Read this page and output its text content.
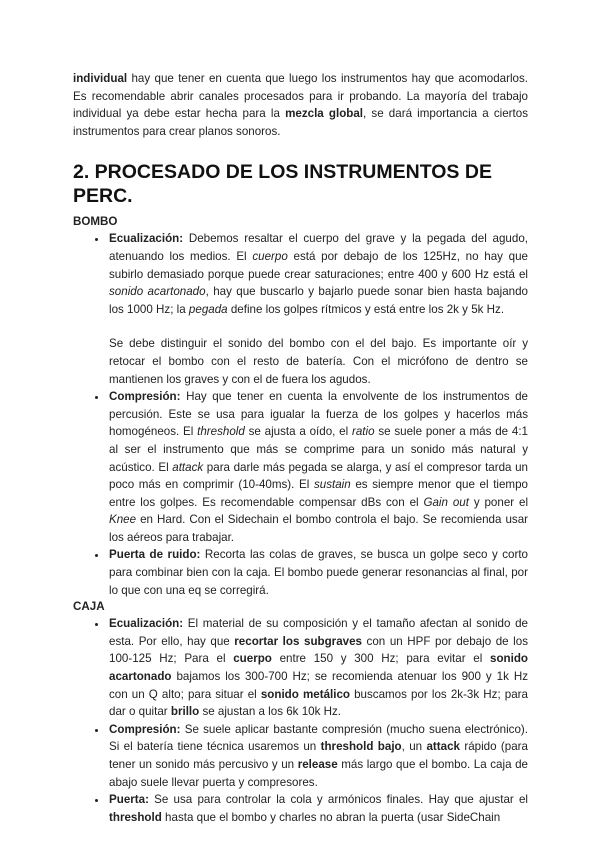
individual hay que tener en cuenta que luego los instrumentos hay que acomodarlos. Es recomendable abrir canales procesados para ir probando. La mayoría del trabajo individual ya debe estar hecha para la mezcla global, se dará importancia a ciertos instrumentos para crear planos sonoros.

2. PROCESADO DE LOS INSTRUMENTOS DE PERC.
BOMBO
• Ecualización: Debemos resaltar el cuerpo del grave y la pegada del agudo, atenuando los medios. El cuerpo está por debajo de los 125Hz, no hay que subirlo demasiado porque puede crear saturaciones; entre 400 y 600 Hz está el sonido acartonado, hay que buscarlo y bajarlo puede sonar bien hasta bajando los 1000 Hz; la pegada define los golpes rítmicos y está entre los 2k y 5k Hz.

Se debe distinguir el sonido del bombo con el del bajo. Es importante oír y retocar el bombo con el resto de batería. Con el micrófono de dentro se mantienen los graves y con el de fuera los agudos.

• Compresión: Hay que tener en cuenta la envolvente de los instrumentos de percusión. Este se usa para igualar la fuerza de los golpes y hacerlos más homogéneos. El threshold se ajusta a oído, el ratio se suele poner a más de 4:1 al ser el instrumento que más se comprime para un sonido más natural y acústico. El attack para darle más pegada se alarga, y así el compresor tarda un poco más en comprimir (10-40ms). El sustain es siempre menor que el tiempo entre los golpes. Es recomendable compensar dBs con el Gain out y poner el Knee en Hard. Con el Sidechain el bombo controla el bajo. Se recomienda usar los aéreos para trabajar.
• Puerta de ruido: Recorta las colas de graves, se busca un golpe seco y corto para combinar bien con la caja. El bombo puede generar resonancias al final, por lo que con una eq se corregirá.
CAJA
• Ecualización: El material de su composición y el tamaño afectan al sonido de esta. Por ello, hay que recortar los subgraves con un HPF por debajo de los 100-125 Hz; Para el cuerpo entre 150 y 300 Hz; para evitar el sonido acartonado bajamos los 300-700 Hz; se recomienda atenuar los 900 y 1k Hz con un Q alto; para situar el sonido metálico buscamos por los 2k-3k Hz; para dar o quitar brillo se ajustan a los 6k 10k Hz.
• Compresión: Se suele aplicar bastante compresión (mucho suena electrónico). Si el batería tiene técnica usaremos un threshold bajo, un attack rápido (para tener un sonido más percusivo y un release más largo que el bombo. La caja de abajo suele llevar puerta y compresores.
• Puerta: Se usa para controlar la cola y armónicos finales. Hay que ajustar el threshold hasta que el bombo y charles no abran la puerta (usar SideChain
